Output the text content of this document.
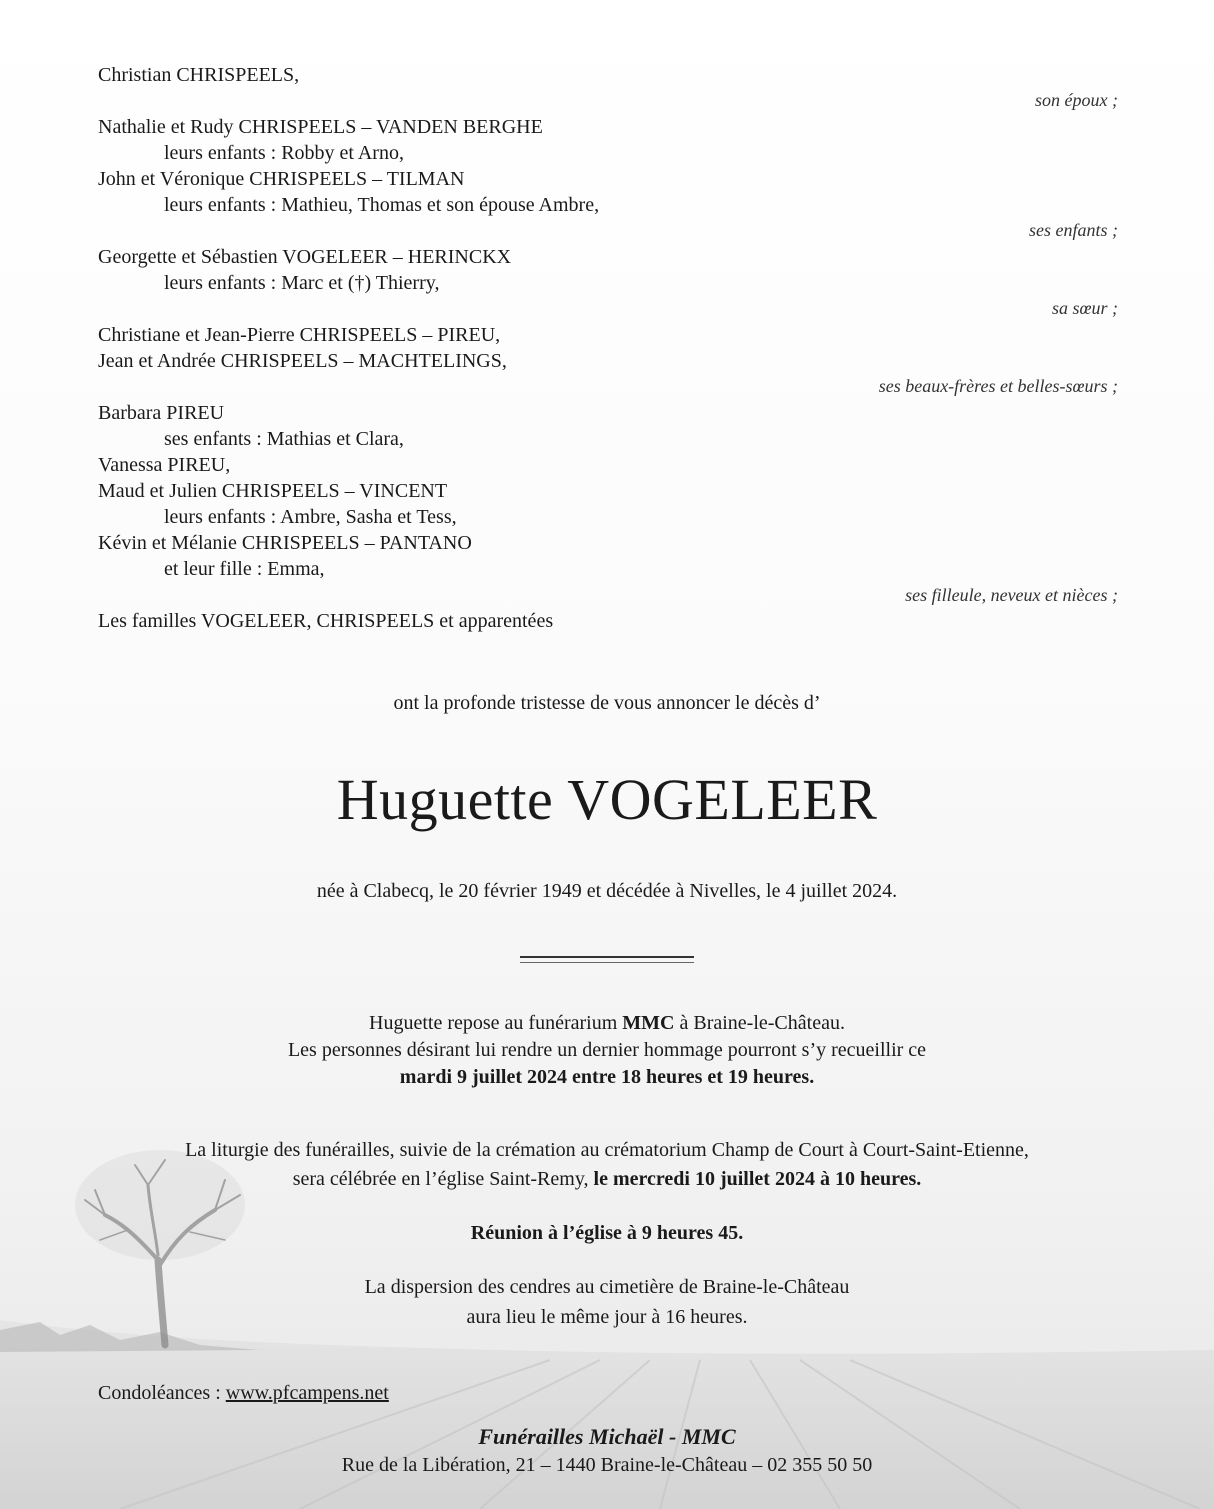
Christian CHRISPEELS,
son époux ;
Nathalie et Rudy CHRISPEELS – VANDEN BERGHE
leurs enfants : Robby et Arno,
John et Véronique CHRISPEELS – TILMAN
leurs enfants : Mathieu, Thomas et son épouse Ambre,
ses enfants ;
Georgette et Sébastien VOGELEER – HERINCKX
leurs enfants : Marc et (†) Thierry,
sa sœur ;
Christiane et Jean-Pierre CHRISPEELS – PIREU,
Jean et Andrée CHRISPEELS – MACHTELINGS,
ses beaux-frères et belles-sœurs ;
Barbara PIREU
ses enfants : Mathias et Clara,
Vanessa PIREU,
Maud et Julien CHRISPEELS – VINCENT
leurs enfants : Ambre, Sasha et Tess,
Kévin et Mélanie CHRISPEELS – PANTANO
et leur fille : Emma,
ses filleule, neveux et nièces ;
Les familles VOGELEER, CHRISPEELS et apparentées
ont la profonde tristesse de vous annoncer le décès d’
Huguette VOGELEER
née à Clabecq, le 20 février 1949 et décédée à Nivelles, le 4 juillet 2024.
Huguette repose au funérarium MMC à Braine-le-Château.
Les personnes désirant lui rendre un dernier hommage pourront s’y recueillir ce
mardi 9 juillet 2024 entre 18 heures et 19 heures.
La liturgie des funérailles, suivie de la crémation au crématorium Champ de Court à Court-Saint-Etienne,
sera célébrée en l’église Saint-Remy, le mercredi 10 juillet 2024 à 10 heures.
Réunion à l’église à 9 heures 45.
La dispersion des cendres au cimetière de Braine-le-Château
aura lieu le même jour à 16 heures.
Condoléances : www.pfcampens.net
Funérailles Michaël - MMC
Rue de la Libération, 21 – 1440 Braine-le-Château – 02 355 50 50
